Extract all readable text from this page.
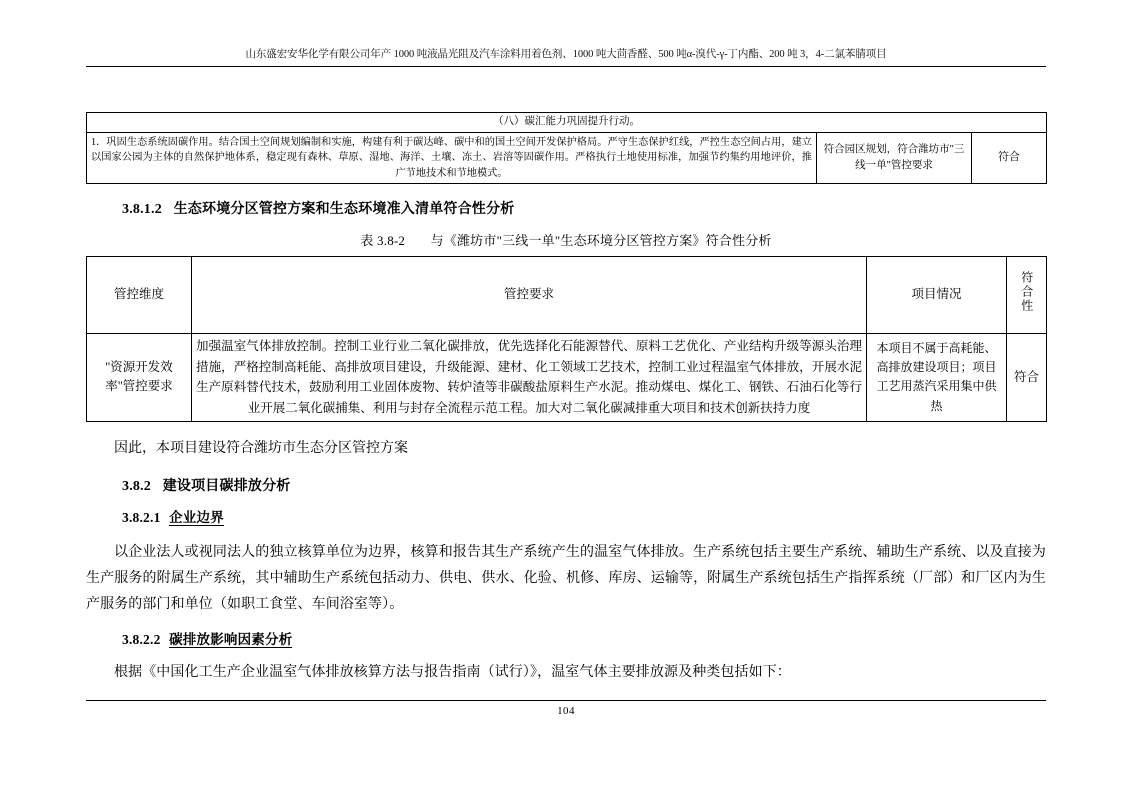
山东盛宏安华化学有限公司年产 1000 吨液晶光阻及汽车涂料用着色剂、1000 吨大茴香醛、500 吨α-溴代-γ-丁内酯、200 吨 3，4-二氯苯腈项目
（八）碳汇能力巩固提升行动。
1．巩固生态系统固碳作用。结合国土空间规划编制和实施，构建有利于碳达峰、碳中和的国土空间开发保护格局。严守生态保护红线，严控生态空间占用，建立以国家公园为主体的自然保护地体系，稳定现有森林、草原、湿地、海洋、土壤、冻土、岩溶等固碳作用。严格执行土地使用标准，加强节约集约用地评价，推广节地技术和节地模式。	符合园区规划，符合潍坊市"三线一单"管控要求	符合
3.8.1.2 生态环境分区管控方案和生态环境准入清单符合性分析
表 3.8-2 与《潍坊市"三线一单"生态环境分区管控方案》符合性分析
管控维度	管控要求	项目情况	符合性
"资源开发效率"管控要求	加强温室气体排放控制。控制工业行业二氧化碳排放，优先选择化石能源替代、原料工艺优化、产业结构升级等源头治理措施，严格控制高耗能、高排放项目建设，升级能源、建材、化工领域工艺技术，控制工业过程温室气体排放，开展水泥生产原料替代技术，鼓励利用工业固体废物、转炉渣等非碳酸盐原料生产水泥。推动煤电、煤化工、钢铁、石油石化等行业开展二氧化碳捕集、利用与封存全流程示范工程。加大对二氧化碳减排重大项目和技术创新扶持力度	本项目不属于高耗能、高排放建设项目；项目工艺用蒸汽采用集中供热	符合

因此，本项目建设符合潍坊市生态分区管控方案

3.8.2 建设项目碳排放分析
3.8.2.1 企业边界

以企业法人或视同法人的独立核算单位为边界，核算和报告其生产系统产生的温室气体排放。生产系统包括主要生产系统、辅助生产系统、以及直接为生产服务的附属生产系统，其中辅助生产系统包括动力、供电、供水、化验、机修、库房、运输等，附属生产系统包括生产指挥系统（厂部）和厂区内为生产服务的部门和单位（如职工食堂、车间浴室等）。

3.8.2.2 碳排放影响因素分析

根据《中国化工生产企业温室气体排放核算方法与报告指南（试行）》，温室气体主要排放源及种类包括如下：

104
